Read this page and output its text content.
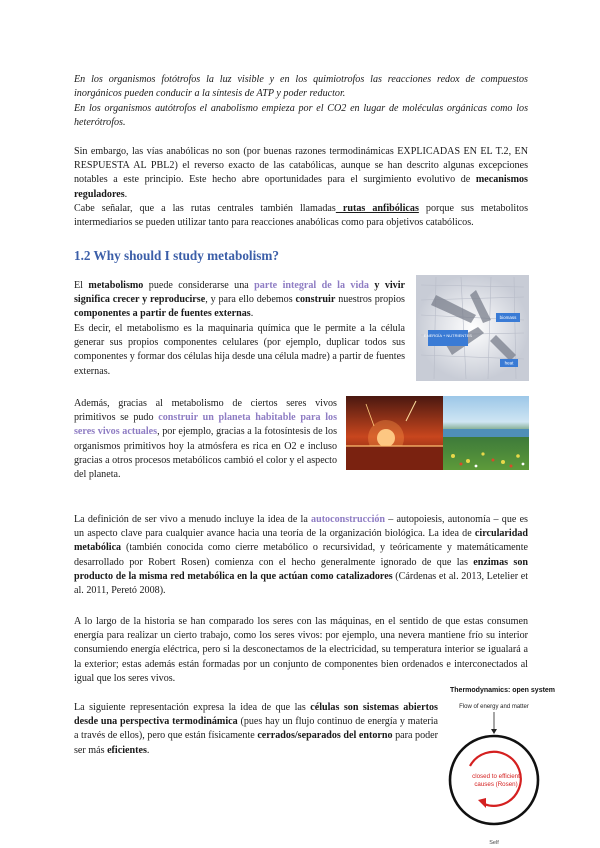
En los organismos fotótrofos la luz visible y en los quimiotrofos las reacciones redox de compuestos inorgánicos pueden conducir a la síntesis de ATP y poder reductor.

En los organismos autótrofos el anabolismo empieza por el CO2 en lugar de moléculas orgánicas como los heterótrofos.

Sin embargo, las vías anabólicas no son (por buenas razones termodinámicas EXPLICADAS EN EL T.2, EN RESPUESTA AL PBL2) el reverso exacto de las catabólicas, aunque se han descrito algunas excepciones notables a este principio. Este hecho abre oportunidades para el surgimiento evolutivo de mecanismos reguladores.

Cabe señalar, que a las rutas centrales también llamadas rutas anfibólicas porque sus metabolitos intermediarios se pueden utilizar tanto para reacciones anabólicas como para objetivos catabólicos.

1.2 Why should I study metabolism?

El metabolismo puede considerarse una parte integral de la vida y vivir significa crecer y reproducirse, y para ello debemos construir nuestros propios componentes a partir de fuentes externas.

Es decir, el metabolismo es la maquinaria química que le permite a la célula generar sus propios componentes celulares (por ejemplo, duplicar todos sus componentes y formar dos células hija desde una célula madre) a partir de fuentes externas.

ENERGÍA + NUTRIENTES
biomass
heat

Además, gracias al metabolismo de ciertos seres vivos primitivos se pudo construir un planeta habitable para los seres vivos actuales, por ejemplo, gracias a la fotosíntesis de los organismos primitivos hoy la atmósfera es rica en O2 e incluso gracias a otros procesos metabólicos cambió el color y el aspecto del planeta.

La definición de ser vivo a menudo incluye la idea de la autoconstrucción – autopoiesis, autonomía – que es un aspecto clave para cualquier avance hacia una teoría de la organización biológica. La idea de circularidad metabólica (también conocida como cierre metabólico o recursividad, y teóricamente y matemáticamente desarrollado por Robert Rosen) comienza con el hecho generalmente ignorado de que las enzimas son producto de la misma red metabólica en la que actúan como catalizadores (Cárdenas et al. 2013, Letelier et al. 2011, Peretó 2008).

A lo largo de la historia se han comparado los seres con las máquinas, en el sentido de que estas consumen energía para realizar un cierto trabajo, como los seres vivos: por ejemplo, una nevera mantiene frío su interior consumiendo energía eléctrica, pero si la desconectamos de la electricidad, su temperatura interior se igualará a la exterior; estas además están formadas por un conjunto de componentes bien ordenados e interconectados al igual que los seres vivos.

La siguiente representación expresa la idea de que las células son sistemas abiertos desde una perspectiva termodinámica (pues hay un flujo continuo de energía y materia a través de ellos), pero que están físicamente cerrados/separados del entorno para poder ser más eficientes.

Thermodynamics: open system
Flow of energy and matter
closed to efficient
causes (Rosen)
Self
